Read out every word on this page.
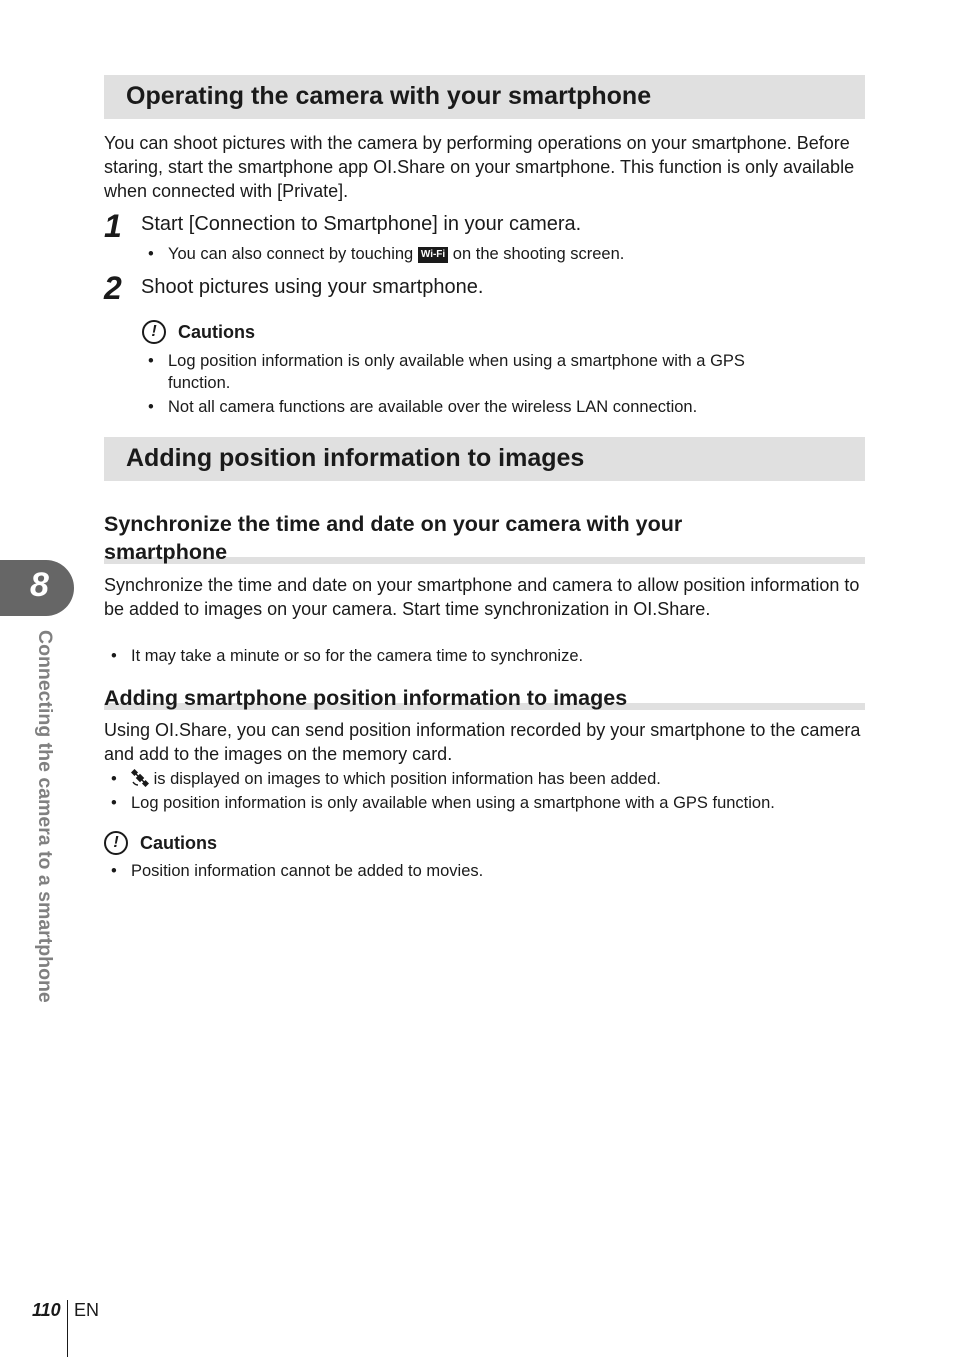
Operating the camera with your smartphone

You can shoot pictures with the camera by performing operations on your smartphone. Before staring, start the smartphone app OI.Share on your smartphone. This function is only available when connected with [Private].

1 Start [Connection to Smartphone] in your camera.
• You can also connect by touching Wi-Fi on the shooting screen.
2 Shoot pictures using your smartphone.
!	Cautions
• Log position information is only available when using a smartphone with a GPS
function.
• Not all camera functions are available over the wireless LAN connection.
Adding position information to images

Synchronize the time and date on your camera with your
smartphone

Synchronize the time and date on your smartphone and camera to allow position information to be added to images on your camera. Start time synchronization in OI.Share.

• It may take a minute or so for the camera time to synchronize.

Adding smartphone position information to images

Using OI.Share, you can send position information recorded by your smartphone to the camera and add to the images on the memory card.

•	is displayed on images to which position information has been added.
• Log position information is only available when using a smartphone with a GPS function.
!	Cautions
• Position information cannot be added to movies.
8
Connecting the camera to a smartphone
110 EN
